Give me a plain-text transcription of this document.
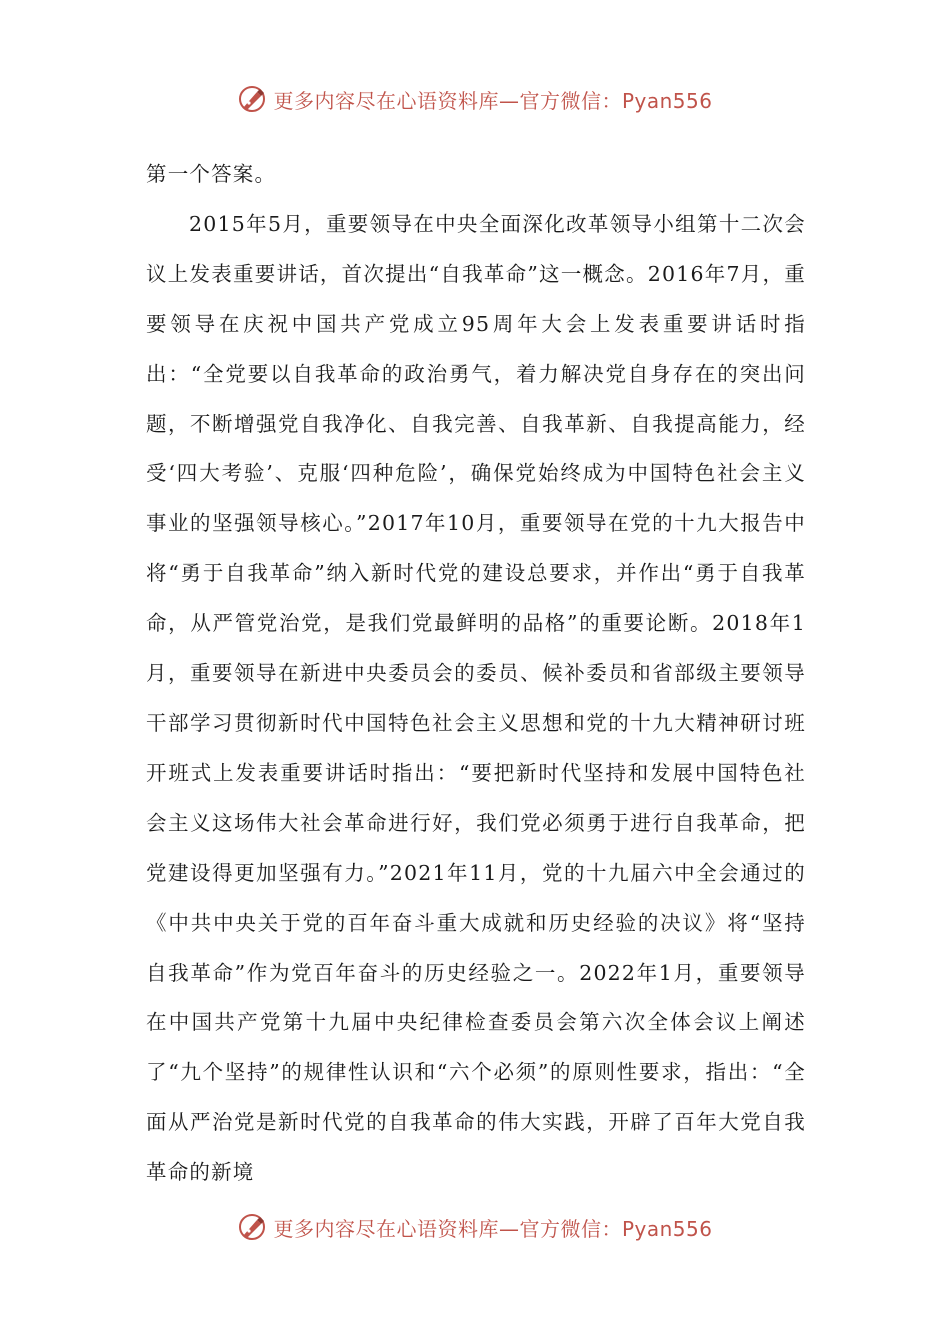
更多内容尽在心语资料库—官方微信：Pyan556

第一个答案。

2015年5月，重要领导在中央全面深化改革领导小组第十二次会议上发表重要讲话，首次提出“自我革命”这一概念。2016年7月，重要领导在庆祝中国共产党成立95周年大会上发表重要讲话时指出：“全党要以自我革命的政治勇气，着力解决党自身存在的突出问题，不断增强党自我净化、自我完善、自我革新、自我提高能力，经受‘四大考验’、克服‘四种危险’，确保党始终成为中国特色社会主义事业的坚强领导核心。”2017年10月，重要领导在党的十九大报告中将“勇于自我革命”纳入新时代党的建设总要求，并作出“勇于自我革命，从严管党治党，是我们党最鲜明的品格”的重要论断。2018年1月，重要领导在新进中央委员会的委员、候补委员和省部级主要领导干部学习贯彻新时代中国特色社会主义思想和党的十九大精神研讨班开班式上发表重要讲话时指出：“要把新时代坚持和发展中国特色社会主义这场伟大社会革命进行好，我们党必须勇于进行自我革命，把党建设得更加坚强有力。”2021年11月，党的十九届六中全会通过的《中共中央关于党的百年奋斗重大成就和历史经验的决议》将“坚持自我革命”作为党百年奋斗的历史经验之一。2022年1月，重要领导在中国共产党第十九届中央纪律检查委员会第六次全体会议上阐述了“九个坚持”的规律性认识和“六个必须”的原则性要求，指出：“全面从严治党是新时代党的自我革命的伟大实践，开辟了百年大党自我革命的新境

更多内容尽在心语资料库—官方微信：Pyan556
